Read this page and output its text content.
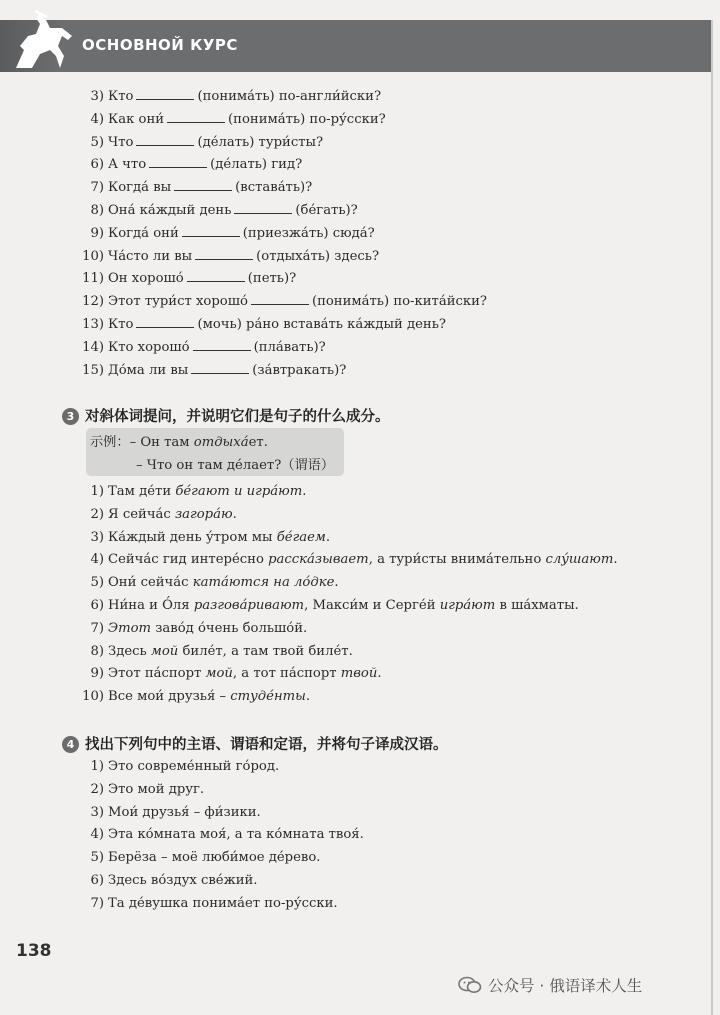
ОСНОВНОЙ КУРС
3) Кто	(понима́ть) по-англи́йски?
4) Как они́	(понима́ть) по-ру́сски?
5) Что	(де́лать) тури́сты?
6) А что	(де́лать) гид?
7) Когда́ вы	(встава́ть)?
8) Она́ ка́ждый день	(бе́гать)?
9) Когда́ они́	(приезжа́ть) сюда́?
10) Ча́сто ли вы	(отдыха́ть) здесь?
11) Он хорошо́	(петь)?
12) Этот тури́ст хорошо́	(понима́ть) по-кита́йски?
13) Кто	(мочь) ра́но встава́ть ка́ждый день?
14) Кто хорошо́	(пла́вать)?
15) До́ма ли вы	(за́втракать)?
3 对斜体词提问，并说明它们是句子的什么成分。
示例：– Он там отдыха́ет.
– Что он там де́лает?（谓语）
1) Там де́ти бе́гают и игра́ют.
2) Я сейча́с загора́ю.
3) Ка́ждый день у́тром мы бе́гаем.
4) Сейча́с гид интере́сно расска́зывает, а тури́сты внима́тельно слу́шают.
5) Они́ сейча́с ката́ются на ло́дке.
6) Ни́на и О́ля разгова́ривают, Макси́м и Серге́й игра́ют в ша́хматы.
7) Этот заво́д о́чень большо́й.
8) Здесь мой биле́т, а там твой биле́т.
9) Этот па́спорт мой, а тот па́спорт твой.
10) Все мои́ друзья́ – студе́нты.
4 找出下列句中的主语、谓语和定语，并将句子译成汉语。
1) Это совреме́нный го́род.
2) Это мой друг.
3) Мои́ друзья́ – фи́зики.
4) Эта ко́мната моя́, а та ко́мната твоя́.
5) Берёза – моё люби́мое де́рево.
6) Здесь во́здух све́жий.
7) Та де́вушка понима́ет по-ру́сски.
138
公众号 · 俄语译术人生
